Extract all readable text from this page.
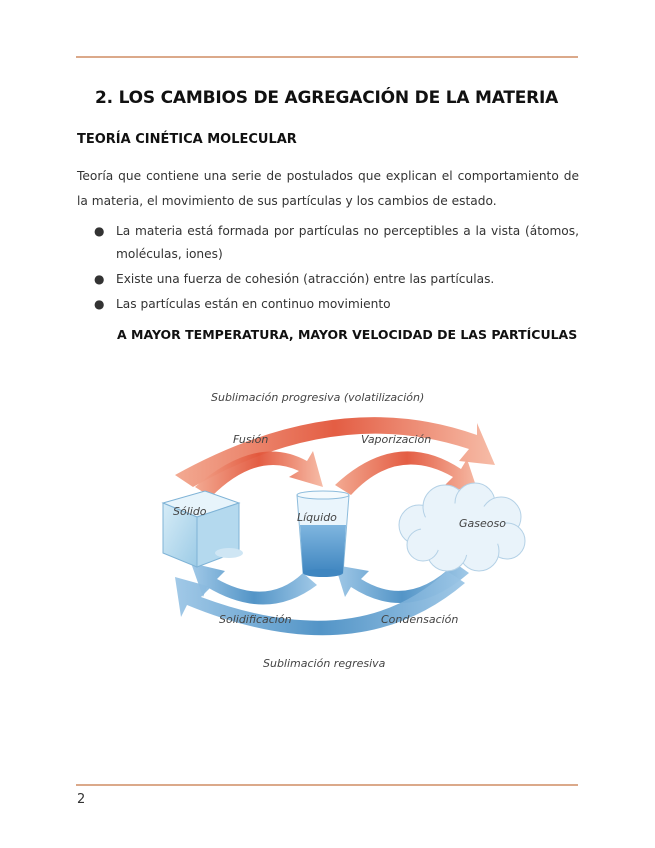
2. LOS CAMBIOS DE AGREGACIÓN DE LA MATERIA
TEORÍA CINÉTICA MOLECULAR
Teoría que contiene una serie de postulados que explican el comportamiento de la materia, el movimiento de sus partículas y los cambios de estado.
● La materia está formada por partículas no perceptibles a la vista (átomos, moléculas, iones)
● Existe una fuerza de cohesión (atracción) entre las partículas.
● Las partículas están en continuo movimiento
A MAYOR TEMPERATURA, MAYOR VELOCIDAD DE LAS PARTÍCULAS
Sublimación progresiva (volatilización)
Fusión	Vaporización
Sólido	Líquido	Gaseoso
Solidificación	Condensación
Sublimación regresiva
2
